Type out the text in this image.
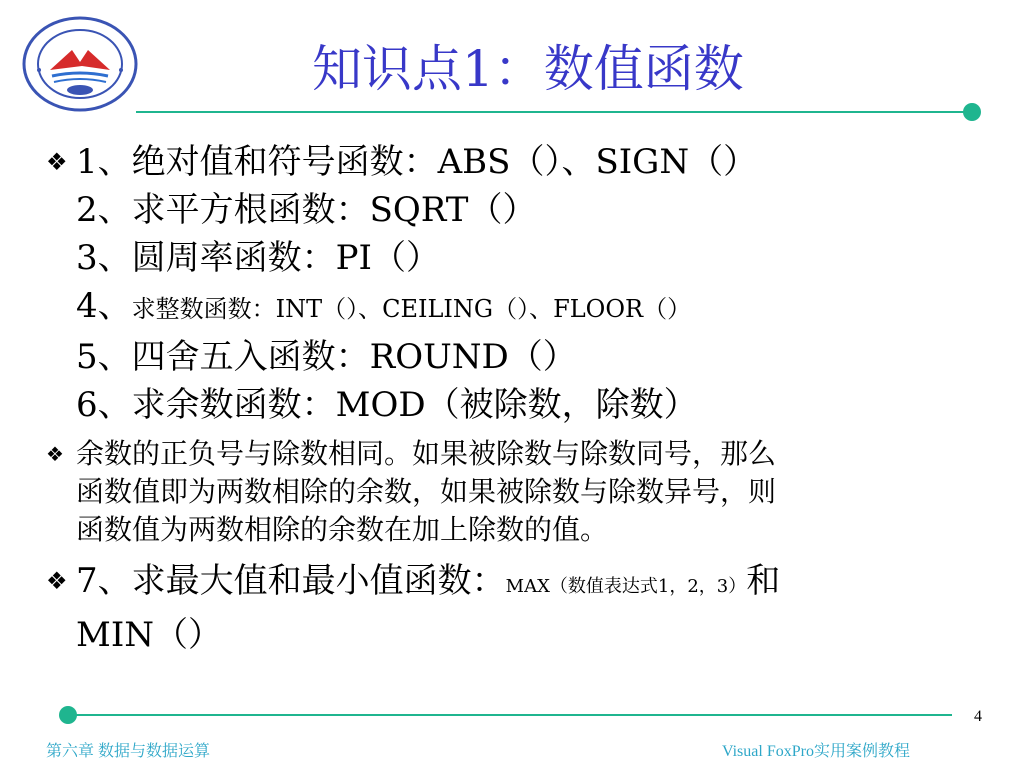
知识点1：数值函数
❖ 1、绝对值和符号函数：ABS（）、SIGN（）
2、求平方根函数：SQRT（）
3、圆周率函数：PI（）
4、求整数函数：INT（）、CEILING（）、FLOOR（）
5、四舍五入函数：ROUND（）
6、求余数函数：MOD（被除数，除数）
❖ 余数的正负号与除数相同。如果被除数与除数同号，那么
函数值即为两数相除的余数，如果被除数与除数异号，则
函数值为两数相除的余数在加上除数的值。
❖ 7、求最大值和最小值函数：MAX（数值表达式1，2，3）和
MIN（）
4
第六章 数据与数据运算	Visual FoxPro实用案例教程
